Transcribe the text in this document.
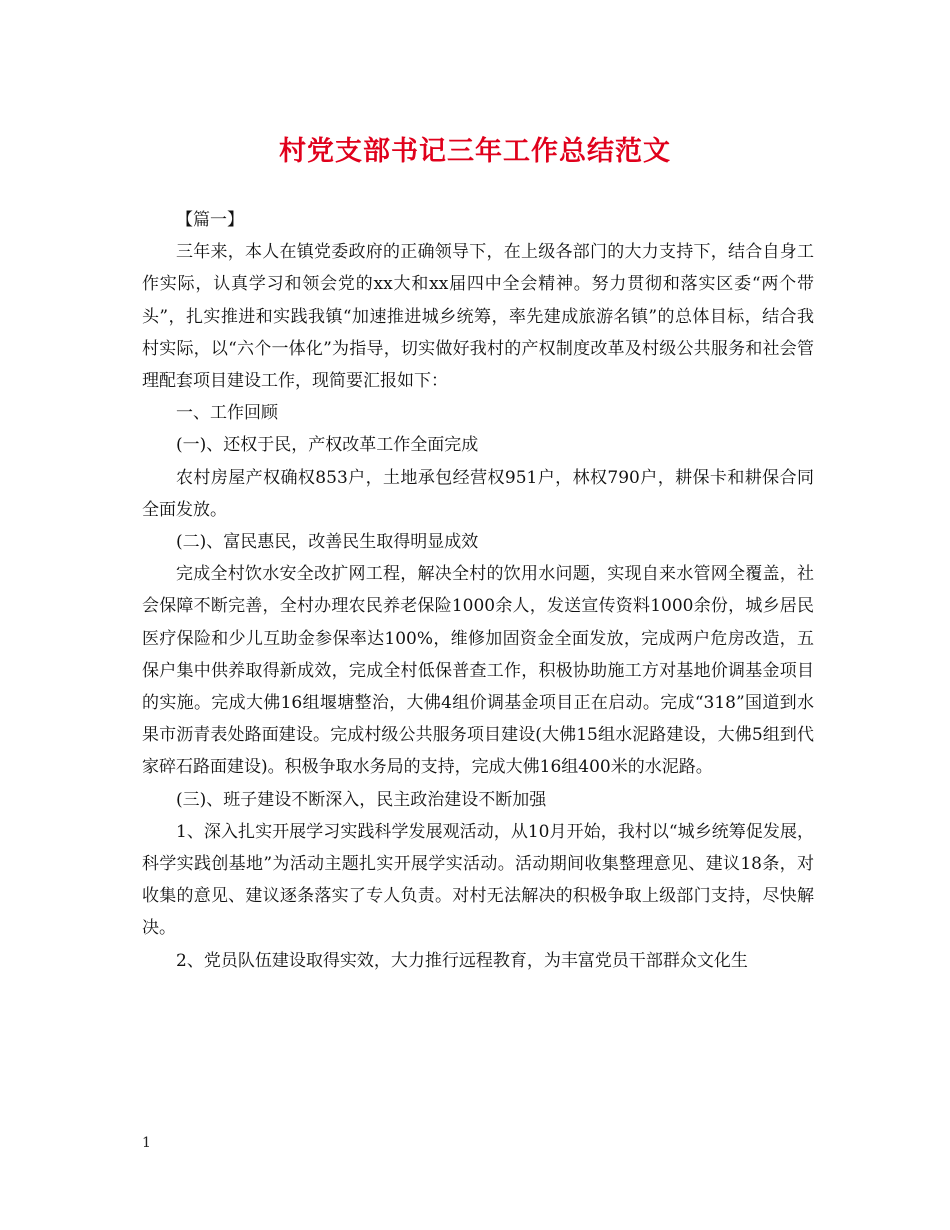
村党支部书记三年工作总结范文

【篇一】

三年来，本人在镇党委政府的正确领导下，在上级各部门的大力支持下，结合自身工作实际，认真学习和领会党的xx大和xx届四中全会精神。努力贯彻和落实区委“两个带头”，扎实推进和实践我镇“加速推进城乡统筹，率先建成旅游名镇”的总体目标，结合我村实际，以“六个一体化”为指导，切实做好我村的产权制度改革及村级公共服务和社会管理配套项目建设工作，现简要汇报如下：

一、工作回顾

(一)、还权于民，产权改革工作全面完成

农村房屋产权确权853户，土地承包经营权951户，林权790户，耕保卡和耕保合同全面发放。

(二)、富民惠民，改善民生取得明显成效

完成全村饮水安全改扩网工程，解决全村的饮用水问题，实现自来水管网全覆盖，社会保障不断完善，全村办理农民养老保险1000余人，发送宣传资料1000余份，城乡居民医疗保险和少儿互助金参保率达100%，维修加固资金全面发放，完成两户危房改造，五保户集中供养取得新成效，完成全村低保普查工作，积极协助施工方对基地价调基金项目的实施。完成大佛16组堰塘整治，大佛4组价调基金项目正在启动。完成“318”国道到水果市沥青表处路面建设。完成村级公共服务项目建设(大佛15组水泥路建设，大佛5组到代家碎石路面建设)。积极争取水务局的支持，完成大佛16组400米的水泥路。

(三)、班子建设不断深入，民主政治建设不断加强

1、深入扎实开展学习实践科学发展观活动，从10月开始，我村以“城乡统筹促发展，科学实践创基地”为活动主题扎实开展学实活动。活动期间收集整理意见、建议18条，对收集的意见、建议逐条落实了专人负责。对村无法解决的积极争取上级部门支持，尽快解决。

2、党员队伍建设取得实效，大力推行远程教育，为丰富党员干部群众文化生

1
